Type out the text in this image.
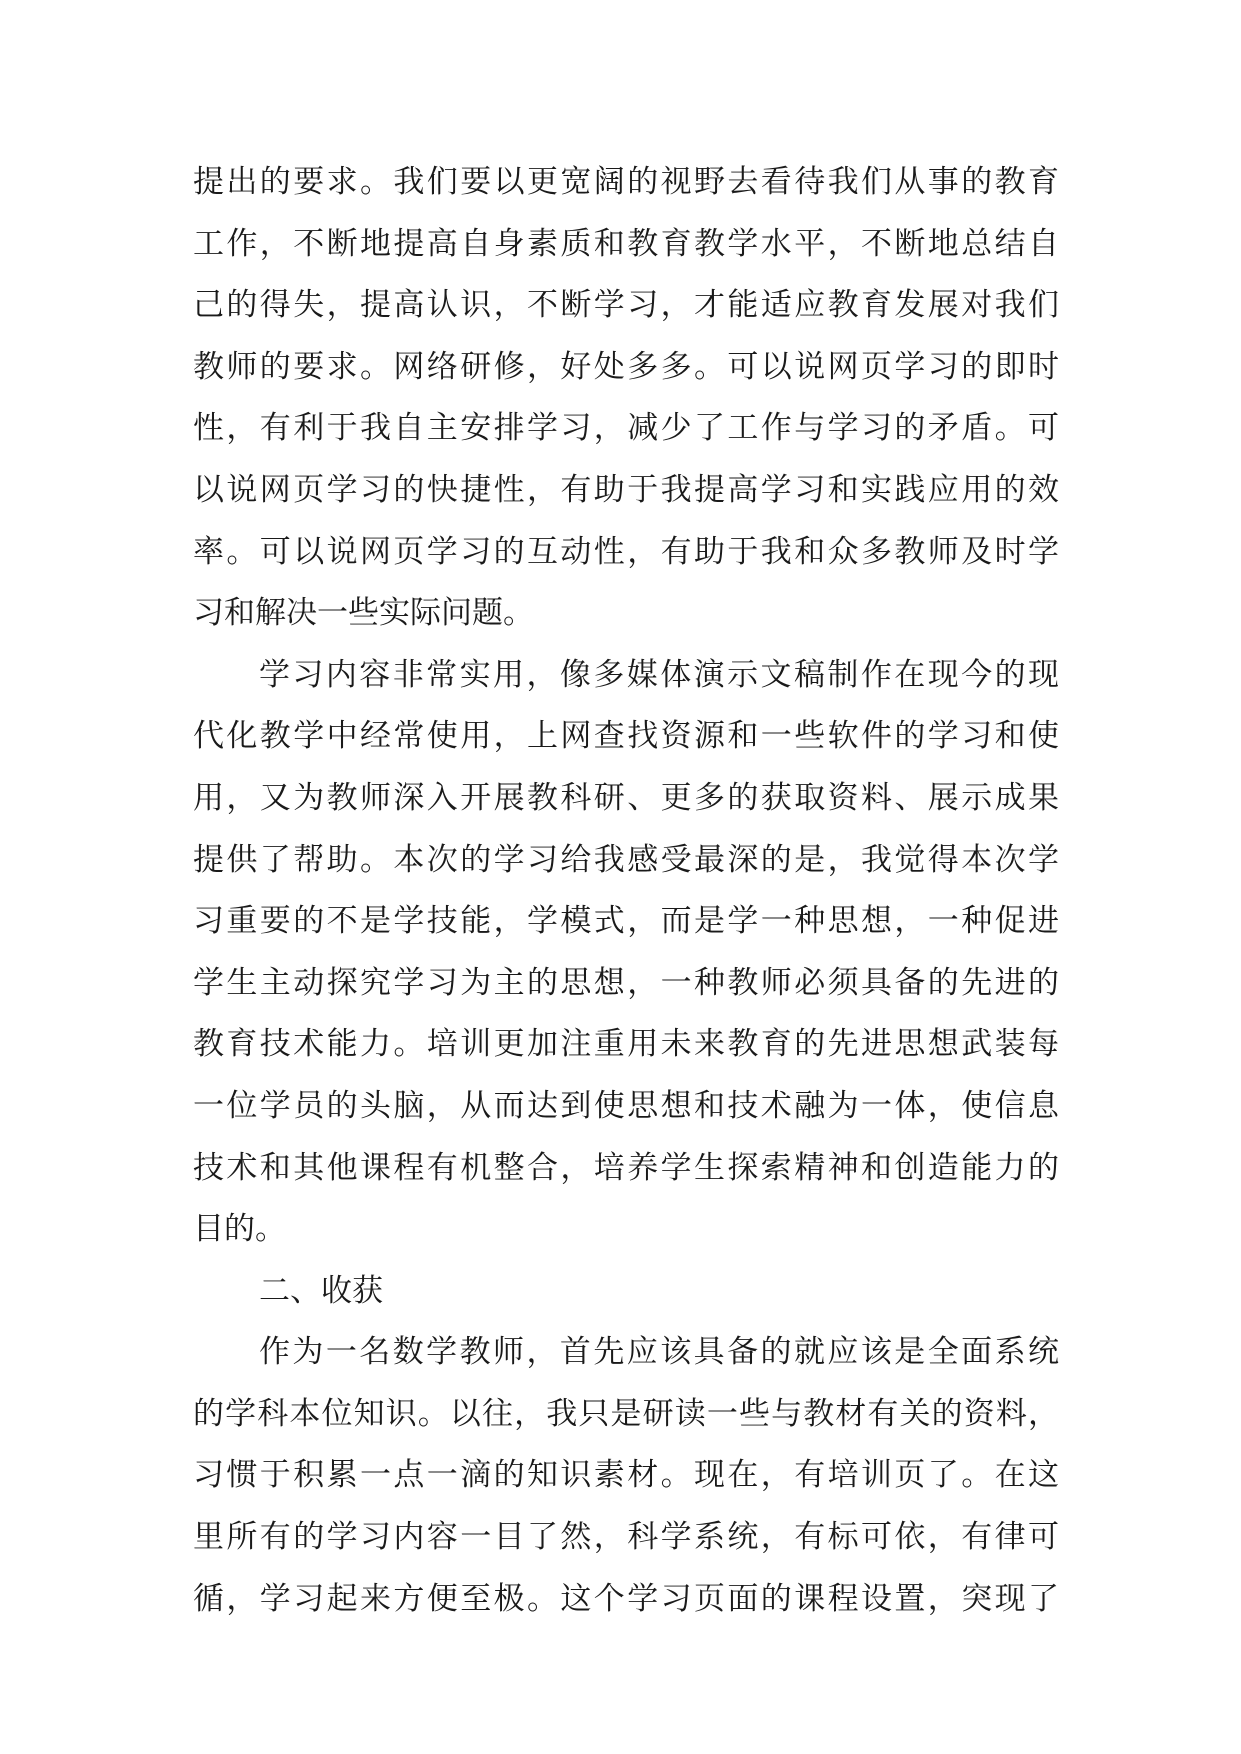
提出的要求。我们要以更宽阔的视野去看待我们从事的教育
工作，不断地提高自身素质和教育教学水平，不断地总结自
己的得失，提高认识，不断学习，才能适应教育发展对我们
教师的要求。网络研修，好处多多。可以说网页学习的即时
性，有利于我自主安排学习，减少了工作与学习的矛盾。可
以说网页学习的快捷性，有助于我提高学习和实践应用的效
率。可以说网页学习的互动性，有助于我和众多教师及时学
习和解决一些实际问题。
学习内容非常实用，像多媒体演示文稿制作在现今的现
代化教学中经常使用，上网查找资源和一些软件的学习和使
用，又为教师深入开展教科研、更多的获取资料、展示成果
提供了帮助。本次的学习给我感受最深的是，我觉得本次学
习重要的不是学技能，学模式，而是学一种思想，一种促进
学生主动探究学习为主的思想，一种教师必须具备的先进的
教育技术能力。培训更加注重用未来教育的先进思想武装每
一位学员的头脑，从而达到使思想和技术融为一体，使信息
技术和其他课程有机整合，培养学生探索精神和创造能力的
目的。
二、收获
作为一名数学教师，首先应该具备的就应该是全面系统
的学科本位知识。以往，我只是研读一些与教材有关的资料，
习惯于积累一点一滴的知识素材。现在，有培训页了。在这
里所有的学习内容一目了然，科学系统，有标可依，有律可
循，学习起来方便至极。这个学习页面的课程设置，突现了
